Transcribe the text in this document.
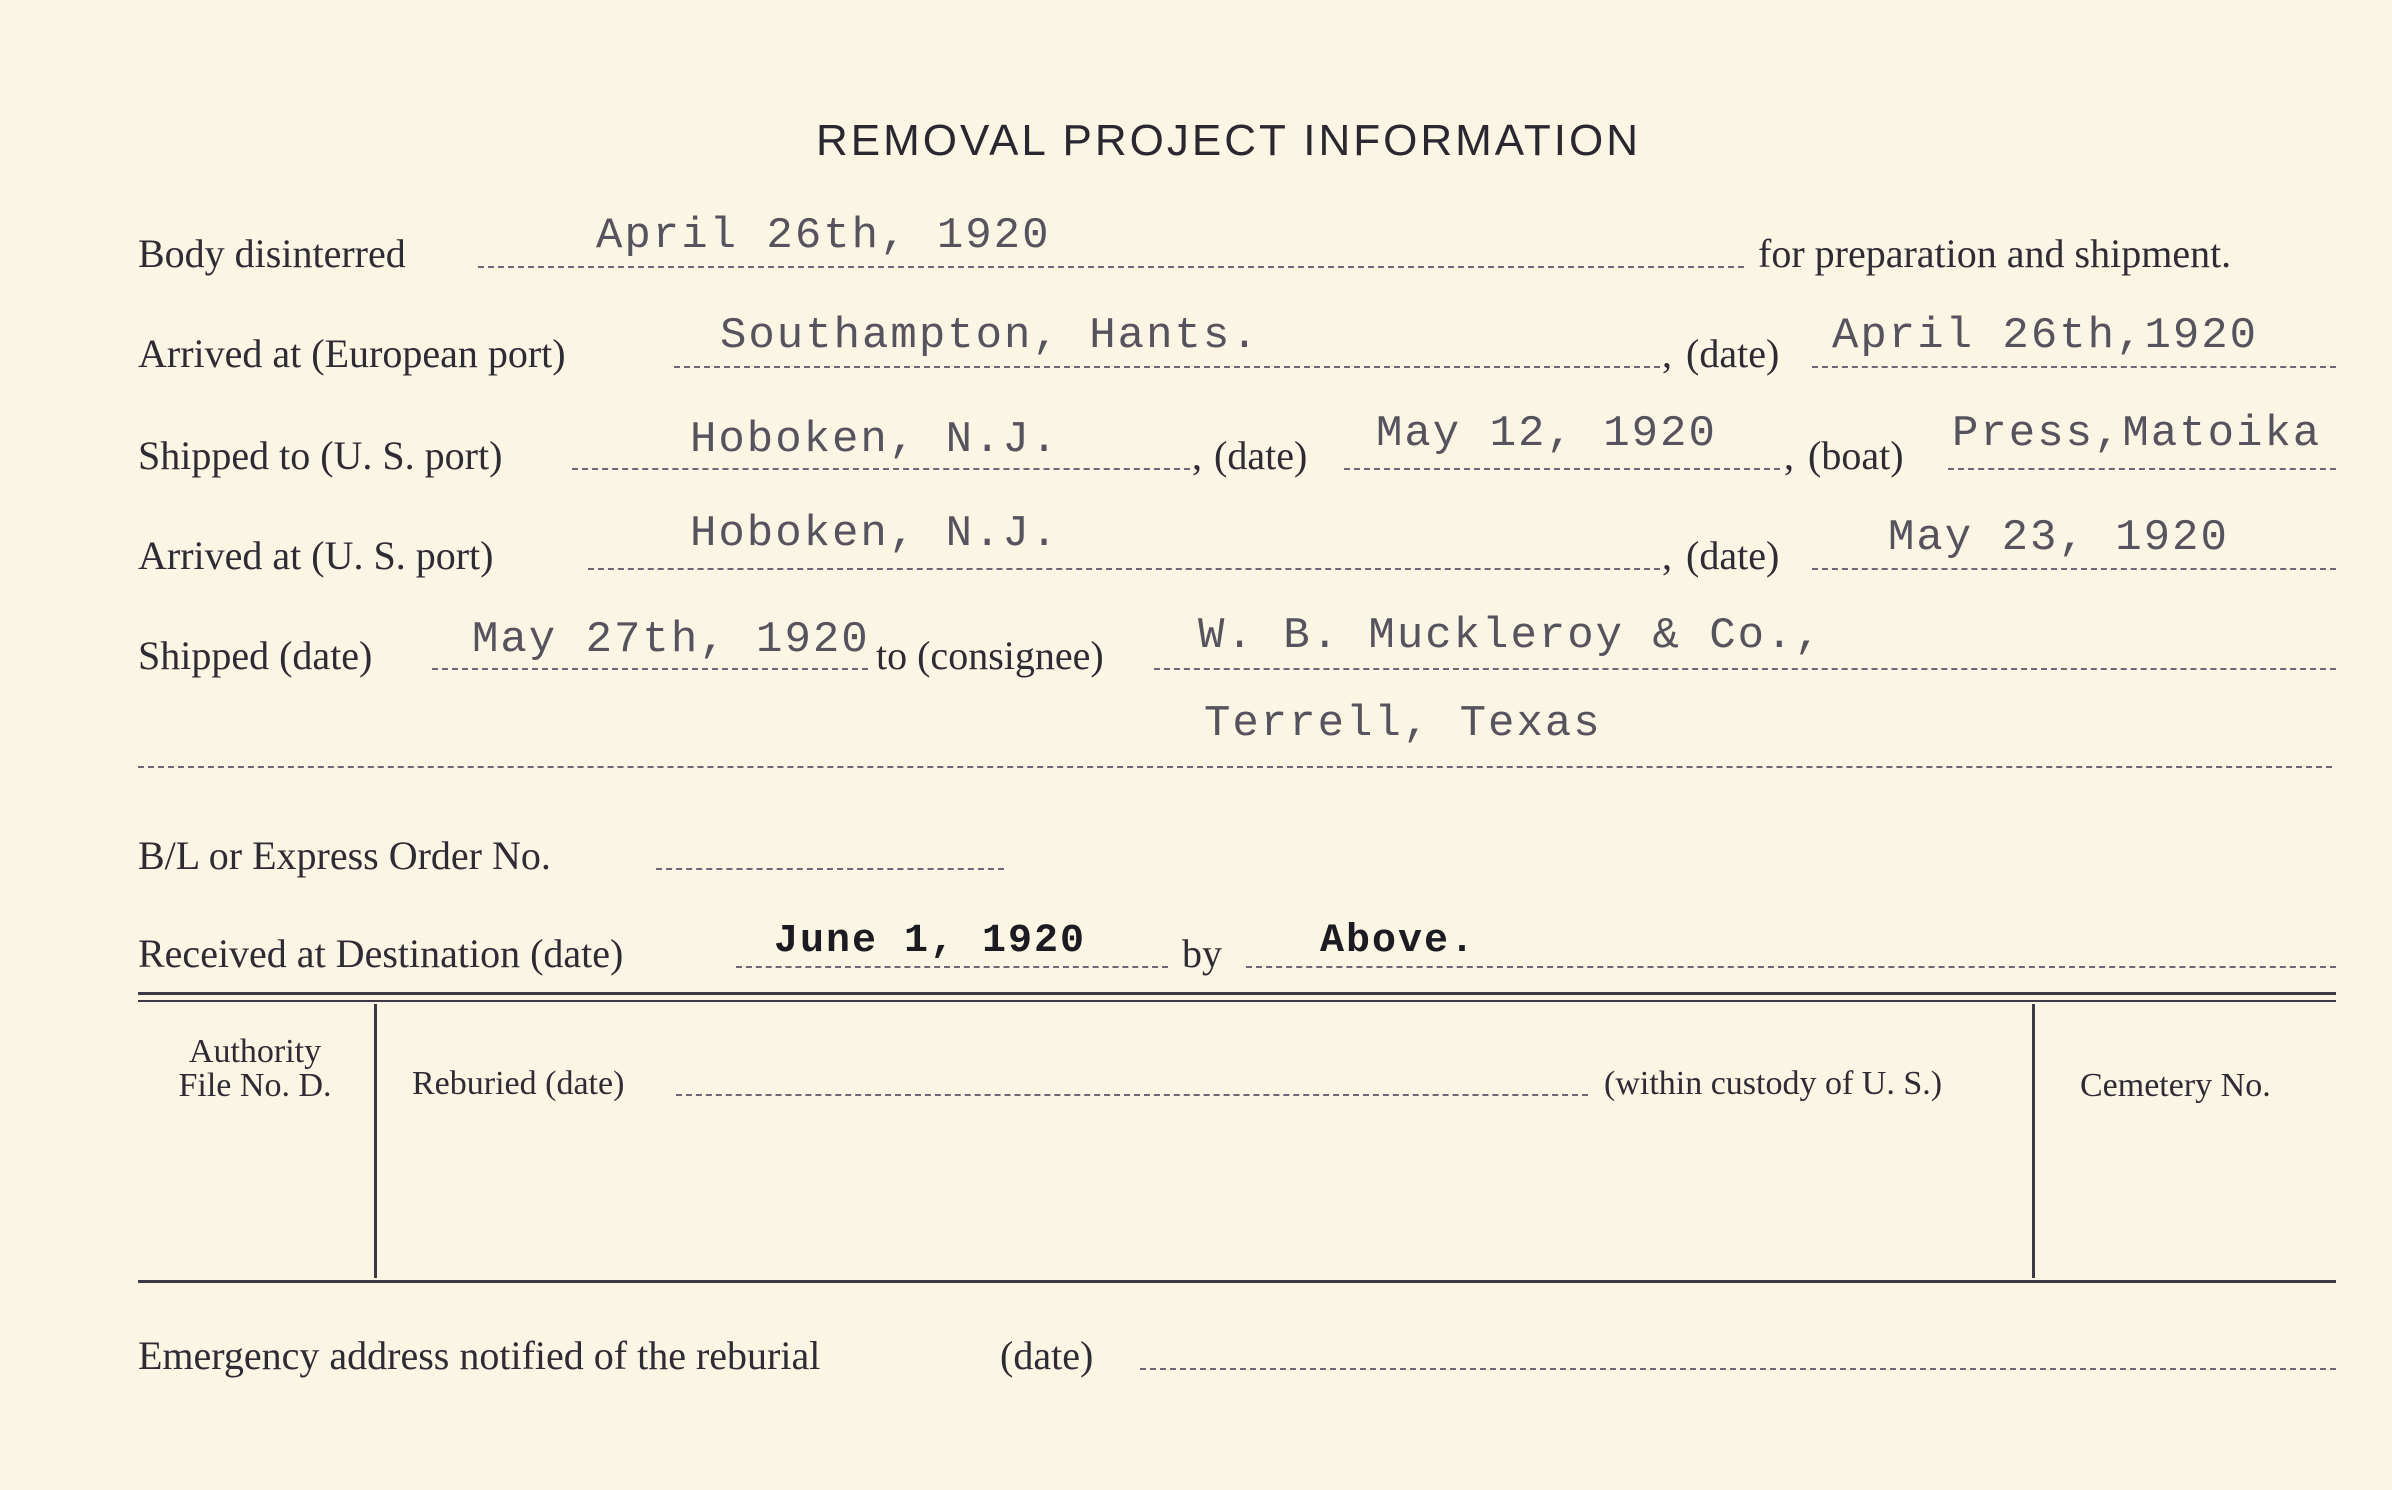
REMOVAL PROJECT INFORMATION
Body disinterred	April 26th, 1920	for preparation and shipment.
Arrived at (European port)	Southampton, Hants.	, (date) April 26th,1920
Shipped to (U. S. port)	Hoboken, N.J.	, (date) May 12, 1920 , (boat) Press,Matoika
Arrived at (U. S. port)	Hoboken, N.J.	, (date) May 23, 1920
Shipped (date) May 27th, 1920 to (consignee) W. B. Muckleroy & Co.,
Terrell, Texas
B/L or Express Order No.
Received at Destination (date)	June 1, 1920 by Above.
Authority
File No. D.	Reburied (date)	(within custody of U. S.)	Cemetery No.
Emergency address notified of the reburial	(date)
